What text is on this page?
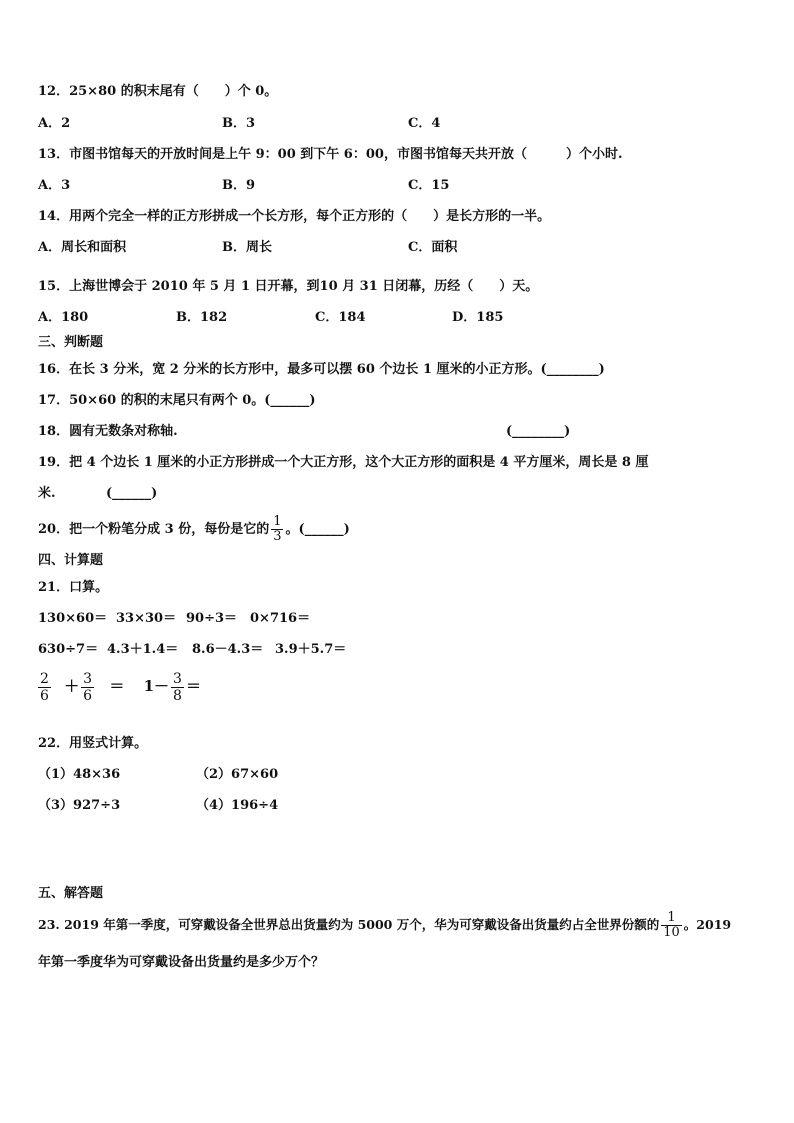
12．25×80 的积末尾有（　　）个 0。
A．2	B．3	C．4
13．市图书馆每天的开放时间是上午 9：00 到下午 6：00，市图书馆每天共开放（　　　）个小时.
A．3	B．9	C．15
14．用两个完全一样的正方形拼成一个长方形，每个正方形的（　　）是长方形的一半。
A．周长和面积	B．周长	C．面积
15．上海世博会于 2010 年 5 月 1 日开幕，到10 月 31 日闭幕，历经（　　）天。
A．180	B．182	C．184	D．185
三、判断题
16．在长 3 分米，宽 2 分米的长方形中，最多可以摆 60 个边长 1 厘米的小正方形。(________)
17．50×60 的积的末尾只有两个 0。(______)
18．圆有无数条对称轴.	(________)
19．把 4 个边长 1 厘米的小正方形拼成一个大正方形，这个大正方形的面积是 4 平方厘米，周长是 8 厘
米.	(______)
20．把一个粉笔分成 3 份，每份是它的 $\frac{1}{3}$ 。(______)
四、计算题
21．口算。
130×60＝ 33×30＝ 90÷3＝ 0×716＝
630÷7＝ 4.3＋1.4＝ 8.6－4.3＝ 3.9＋5.7＝
$\frac{2}{6} + \frac{3}{6} = 1- \frac{3}{8}$ ＝
22．用竖式计算。
（1）48×36	（2）67×60
（3）927÷3	（4）196÷4
五、解答题
23. 2019 年第一季度，可穿戴设备全世界总出货量约为 5000 万个，华为可穿戴设备出货量约占全世界份额的 $\frac{1}{10}$ 。2019
年第一季度华为可穿戴设备出货量约是多少万个？
